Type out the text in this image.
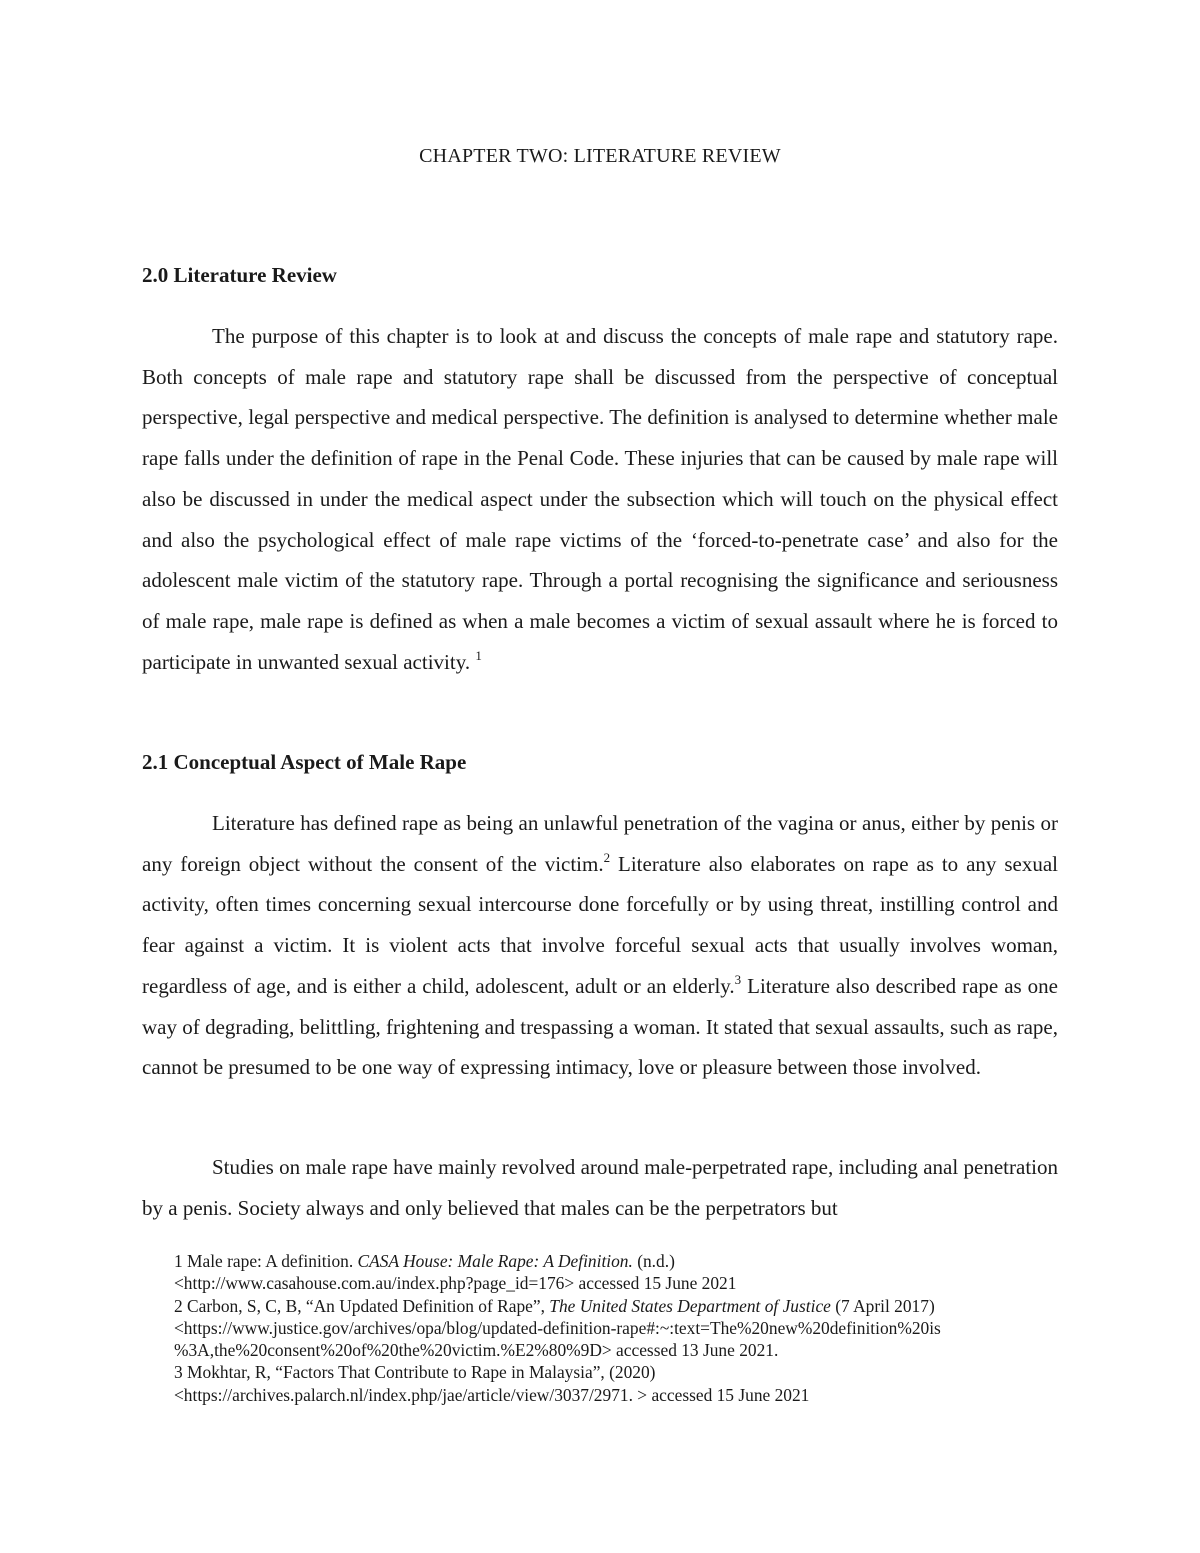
CHAPTER TWO: LITERATURE REVIEW
2.0 Literature Review
The purpose of this chapter is to look at and discuss the concepts of male rape and statutory rape. Both concepts of male rape and statutory rape shall be discussed from the perspective of conceptual perspective, legal perspective and medical perspective. The definition is analysed to determine whether male rape falls under the definition of rape in the Penal Code. These injuries that can be caused by male rape will also be discussed in under the medical aspect under the subsection which will touch on the physical effect and also the psychological effect of male rape victims of the ‘forced-to-penetrate case’ and also for the adolescent male victim of the statutory rape. Through a portal recognising the significance and seriousness of male rape, male rape is defined as when a male becomes a victim of sexual assault where he is forced to participate in unwanted sexual activity. $^1$
2.1 Conceptual Aspect of Male Rape
Literature has defined rape as being an unlawful penetration of the vagina or anus, either by penis or any foreign object without the consent of the victim.$^2$ Literature also elaborates on rape as to any sexual activity, often times concerning sexual intercourse done forcefully or by using threat, instilling control and fear against a victim. It is violent acts that involve forceful sexual acts that usually involves woman, regardless of age, and is either a child, adolescent, adult or an elderly.$^3$ Literature also described rape as one way of degrading, belittling, frightening and trespassing a woman. It stated that sexual assaults, such as rape, cannot be presumed to be one way of expressing intimacy, love or pleasure between those involved.
Studies on male rape have mainly revolved around male-perpetrated rape, including anal penetration by a penis. Society always and only believed that males can be the perpetrators but
1 Male rape: A definition. CASA House: Male Rape: A Definition. (n.d.)
<http://www.casahouse.com.au/index.php?page_id=176> accessed 15 June 2021
2 Carbon, S, C, B, “An Updated Definition of Rape”, The United States Department of Justice (7 April 2017)
<https://www.justice.gov/archives/opa/blog/updated-definition-rape#:~:text=The%20new%20definition%20is
%3A,the%20consent%20of%20the%20victim.%E2%80%9D> accessed 13 June 2021.
3 Mokhtar, R, “Factors That Contribute to Rape in Malaysia”, (2020)
<https://archives.palarch.nl/index.php/jae/article/view/3037/2971. > accessed 15 June 2021
